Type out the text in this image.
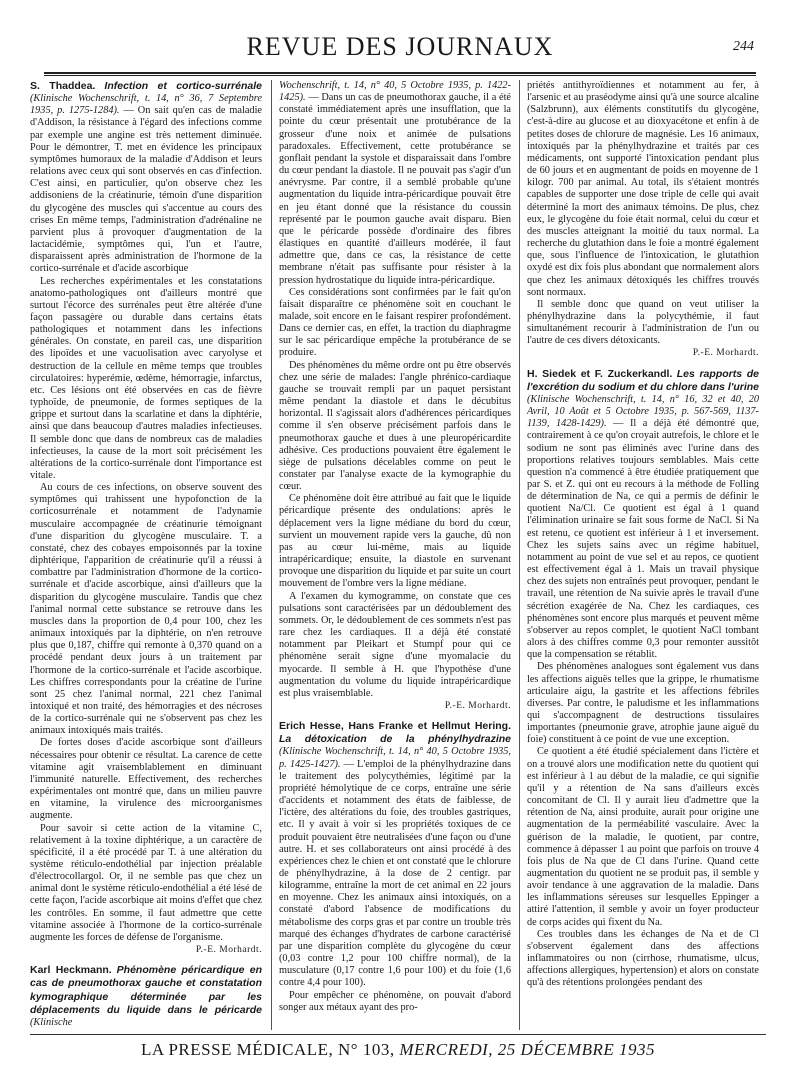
REVUE DES JOURNAUX	244

S. Thaddea. Infection et cortico-surrénale (Klinische Wochenschrift, t. 14, n° 36, 7 Septembre 1935, p. 1275-1284). — On sait qu'en cas de maladie d'Addison, la résistance à l'égard des infections comme par exemple une angine est très nettement diminuée. Pour le démontrer, T. met en évidence les principaux symptômes humoraux de la maladie d'Addison et leurs relations avec ceux qui sont observés en cas d'infection. C'est ainsi, en particulier, qu'on observe chez les addisoniens de la créatinurie, témoin d'une disparition du glycogène des muscles qui s'accentue au cours des crises En même temps, l'administration d'adrénaline ne parvient plus à provoquer d'augmentation de la lactacidémie, symptômes qui, l'un et l'autre, disparaissent après administration de l'hormone de la cortico-surrénale et d'acide ascorbique

Les recherches expérimentales et les constatations anatomo-pathologiques ont d'ailleurs montré que surtout l'écorce des surrénales peut être altérée d'une façon passagère ou durable dans certains états pathologiques et notamment dans les infections générales. On constate, en pareil cas, une disparition des lipoïdes et une vacuolisation avec caryolyse et destruction de la cellule en même temps que troubles circulatoires: hyperémie, œdème, hémorragie, infarctus, etc. Ces lésions ont été observées en cas de fièvre typhoïde, de pneumonie, de formes septiques de la grippe et surtout dans la scarlatine et dans la diphtérie, ainsi que dans beaucoup d'autres maladies infectieuses. Il semble donc que dans de nombreux cas de maladies infectieuses, la cause de la mort soit précisément les altérations de la cortico-surrénale dont l'importance est vitale.

Au cours de ces infections, on observe souvent des symptômes qui trahissent une hypofonction de la corticosurrénale et notamment de l'adynamie musculaire accompagnée de créatinurie témoignant d'une disparition du glycogène musculaire. T. a constaté, chez des cobayes empoisonnés par la toxine diphtérique, l'apparition de créatinurie qu'il a réussi à combattre par l'administration d'hormone de la cortico-surrénale et d'acide ascorbique, ainsi d'ailleurs que la disparition du glycogène musculaire. Tandis que chez l'animal normal cette substance se retrouve dans les muscles dans la proportion de 0,4 pour 100, chez les animaux intoxiqués par la diphtérie, on n'en retrouve plus que 0,187, chiffre qui remonte à 0,370 quand on a procédé pendant deux jours à un traitement par l'hormone de la cortico-surrénale et l'acide ascorbique. Les chiffres correspondants pour la créatine de l'urine sont 25 chez l'animal normal, 221 chez l'animal intoxiqué et non traité, des hémorragies et des nécroses de la cortico-surrénale qui ne s'observent pas chez les animaux intoxiqués mais traités.

De fortes doses d'acide ascorbique sont d'ailleurs nécessaires pour obtenir ce résultat. La carence de cette vitamine agit vraisemblablement en diminuant l'immunité naturelle. Effectivement, des recherches expérimentales ont montré que, dans un milieu pauvre en vitamine, la virulence des microorganismes augmente.

Pour savoir si cette action de la vitamine C, relativement à la toxine diphtérique, a un caractère de spécificité, il a été procédé par T. à une altération du système réticulo-endothélial par injection préalable d'électrocollargol. Or, il ne semble pas que chez un animal dont le système réticulo-endothélial a été lésé de cette façon, l'acide ascorbique ait moins d'effet que chez les contrôles. En somme, il faut admettre que cette vitamine associée à l'hormone de la cortico-surrénale augmente les forces de défense de l'organisme.

P.-E. Morhardt.

Karl Heckmann. Phénomène péricardique en cas de pneumothorax gauche et constatation kymographique déterminée par les déplacements du liquide dans le péricarde (Klinische

Wochenschrift, t. 14, n° 40, 5 Octobre 1935, p. 1422-1425). — Dans un cas de pneumothorax gauche, il a été constaté immédiatement après une insufflation, que la pointe du cœur présentait une protubérance de la grosseur d'une noix et animée de pulsations paradoxales. Effectivement, cette protubérance se gonflait pendant la systole et disparaissait dans l'ombre du cœur pendant la diastole. Il ne pouvait pas s'agir d'un anévrysme. Par contre, il a semblé probable qu'une augmentation du liquide intra-péricardique pouvait être en jeu étant donné que la résistance du coussin représenté par le poumon gauche avait disparu. Bien que le péricarde possède d'ordinaire des fibres élastiques en quantité d'ailleurs modérée, il faut admettre que, dans ce cas, la résistance de cette membrane n'était pas suffisante pour résister à la pression hydrostatique du liquide intra-péricardique.

Ces considérations sont confirmées par le fait qu'on faisait disparaître ce phénomène soit en couchant le malade, soit encore en le faisant respirer profondément. Dans ce dernier cas, en effet, la traction du diaphragme sur le sac péricardique empêche la protubérance de se produire.

Des phénomènes du même ordre ont pu être observés chez une série de malades: l'angle phrénico-cardiaque gauche se trouvait rempli par un paquet persistant même pendant la diastole et dans le décubitus horizontal. Il s'agissait alors d'adhérences péricardiques comme il s'en observe précisément parfois dans le pneumothorax gauche et dues à une pleuropéricardite adhésive. Ces productions pouvaient être également le siège de pulsations décelables comme on peut le constater par l'analyse exacte de la kymographie du cœur.

Ce phénomène doit être attribué au fait que le liquide péricardique présente des ondulations: après le déplacement vers la ligne médiane du bord du cœur, survient un mouvement rapide vers la gauche, dû non pas au cœur lui-même, mais au liquide intrapéricardique; ensuite, la diastole en survenant provoque une disparition du liquide et par suite un court mouvement de l'ombre vers la ligne médiane.

A l'examen du kymogramme, on constate que ces pulsations sont caractérisées par un dédoublement des sommets. Or, le dédoublement de ces sommets n'est pas rare chez les cardiaques. Il a déjà été constaté notamment par Pleikart et Stumpf pour qui ce phénomène serait signe d'une myomalacie du myocarde. Il semble à H. que l'hypothèse d'une augmentation du volume du liquide intrapéricardique est plus vraisemblable.

P.-E. Morhardt.

Erich Hesse, Hans Franke et Hellmut Hering. La détoxication de la phénylhydrazine (Klinische Wochenschrift, t. 14, n° 40, 5 Octobre 1935, p. 1425-1427). — L'emploi de la phénylhydrazine dans le traitement des polycythémies, légitimé par la propriété hémolytique de ce corps, entraîne une série d'accidents et notamment des états de faiblesse, de l'ictère, des altérations du foie, des troubles gastriques, etc. Il y avait à voir si les propriétés toxiques de ce produit pouvaient être neutralisées d'une façon ou d'une autre. H. et ses collaborateurs ont ainsi procédé à des expériences chez le chien et ont constaté que le chlorure de phénylhydrazine, à la dose de 2 centigr. par kilogramme, entraîne la mort de cet animal en 22 jours en moyenne. Chez les animaux ainsi intoxiqués, on a constaté d'abord l'absence de modifications du métabolisme des corps gras et par contre un trouble très marqué des échanges d'hydrates de carbone caractérisé par une disparition complète du glycogène du cœur (0,03 contre 1,2 pour 100 chiffre normal), de la musculature (0,17 contre 1,6 pour 100) et du foie (1,6 contre 4,4 pour 100).

Pour empêcher ce phénomène, on pouvait d'abord songer aux métaux ayant des pro-

priétés antithyroïdiennes et notamment au fer, à l'arsenic et au praséodyme ainsi qu'à une source alcaline (Salzbrunn), aux éléments constitutifs du glycogène, c'est-à-dire au glucose et au dioxyacétone et enfin à de petites doses de chlorure de magnésie. Les 16 animaux, intoxiqués par la phénylhydrazine et traités par ces médicaments, ont supporté l'intoxication pendant plus de 60 jours et en augmentant de poids en moyenne de 1 kilogr. 700 par animal. Au total, ils s'étaient montrés capables de supporter une dose triple de celle qui avait déterminé la mort des animaux témoins. De plus, chez eux, le glycogène du foie était normal, celui du cœur et des muscles atteignant la moitié du taux normal. La recherche du glutathion dans le foie a montré également que, sous l'influence de l'intoxication, le glutathion oxydé est dix fois plus abondant que normalement alors que chez les animaux détoxiqués les chiffres trouvés sont normaux.

Il semble donc que quand on veut utiliser la phénylhydrazine dans la polycythémie, il faut simultanément recourir à l'administration de l'un ou l'autre de ces divers détoxicants.

P.-E. Morhardt.

H. Siedek et F. Zuckerkandl. Les rapports de l'excrétion du sodium et du chlore dans l'urine (Klinische Wochenschrift, t. 14, n° 16, 32 et 40, 20 Avril, 10 Août et 5 Octobre 1935, p. 567-569, 1137-1139, 1428-1429). — Il a déjà été démontré que, contrairement à ce qu'on croyait autrefois, le chlore et le sodium ne sont pas éliminés avec l'urine dans des proportions relatives toujours semblables. Mais cette question n'a commencé à être étudiée pratiquement que par S. et Z. qui ont eu recours à la méthode de Folling de détermination de Na, ce qui a permis de définir le quotient Na/Cl. Ce quotient est égal à 1 quand l'élimination urinaire se fait sous forme de NaCl. Si Na est retenu, ce quotient est inférieur à 1 et inversement. Chez les sujets sains avec un régime habituel, notamment au point de vue sel et au repos, ce quotient est effectivement égal à 1. Mais un travail physique chez des sujets non entraînés peut provoquer, pendant le travail, une rétention de Na suivie après le travail d'une sécrétion exagérée de Na. Chez les cardiaques, ces phénomènes sont encore plus marqués et peuvent même s'observer au repos complet, le quotient NaCl tombant alors à des chiffres comme 0,3 pour remonter aussitôt que la compensation se rétablit.

Des phénomènes analogues sont également vus dans les affections aiguës telles que la grippe, le rhumatisme articulaire aigu, la gastrite et les affections fébriles diverses. Par contre, le paludisme et les inflammations qui s'accompagnent de destructions tissulaires importantes (pneumonie grave, atrophie jaune aiguë du foie) constituent à ce point de vue une exception.

Ce quotient a été étudié spécialement dans l'ictère et on a trouvé alors une modification nette du quotient qui est inférieur à 1 au début de la maladie, ce qui signifie qu'il y a rétention de Na sans d'ailleurs excès concomitant de Cl. Il y aurait lieu d'admettre que la rétention de Na, ainsi produite, aurait pour origine une augmentation de la perméabilité vasculaire. Avec la guérison de la maladie, le quotient, par contre, commence à dépasser 1 au point que parfois on trouve 4 fois plus de Na que de Cl dans l'urine. Quand cette augmentation du quotient ne se produit pas, il semble y avoir tendance à une aggravation de la maladie. Dans les inflammations séreuses sur lesquelles Eppinger a attiré l'attention, il semble y avoir un foyer producteur de corps acides qui fixent du Na.

Ces troubles dans les échanges de Na et de Cl s'observent également dans des affections inflammatoires ou non (cirrhose, rhumatisme, ulcus, affections allergiques, hypertension) et alors on constate qu'à des rétentions prolongées pendant des

LA PRESSE MÉDICALE, N° 103, MERCREDI, 25 DÉCEMBRE 1935
